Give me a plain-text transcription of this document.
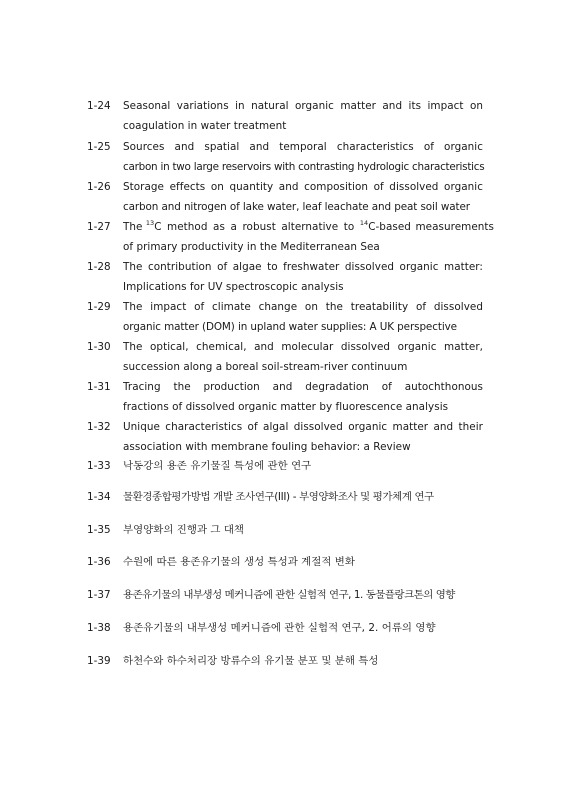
1-24	Seasonal variations in natural organic matter and its impact on
coagulation in water treatment
1-25	Sources and spatial and temporal characteristics of organic
carbon in two large reservoirs with contrasting hydrologic characteristics
1-26	Storage effects on quantity and composition of dissolved organic
carbon and nitrogen of lake water, leaf leachate and peat soil water
1-27	The $^{13}$C method as a robust alternative to $^{14}$C-based measurements
of primary productivity in the Mediterranean Sea
1-28	The contribution of algae to freshwater dissolved organic matter:
Implications for UV spectroscopic analysis
1-29	The impact of climate change on the treatability of dissolved
organic matter (DOM) in upland water supplies: A UK perspective
1-30	The optical, chemical, and molecular dissolved organic matter,
succession along a boreal soil-stream-river continuum
1-31	Tracing the production and degradation of autochthonous
fractions of dissolved organic matter by fluorescence analysis
1-32	Unique characteristics of algal dissolved organic matter and their
association with membrane fouling behavior: a Review
1-33	낙동강의 용존 유기물질 특성에 관한 연구
1-34	물환경종합평가방법 개발 조사연구(III) - 부영양화조사 및 평가체계 연구
1-35	부영양화의 진행과 그 대책
1-36	수원에 따른 용존유기물의 생성 특성과 계절적 변화
1-37	용존유기물의 내부생성 메커니즘에 관한 실험적 연구, 1. 동물플랑크톤의 영향
1-38	용존유기물의 내부생성 메커니즘에 관한 실험적 연구, 2. 어류의 영향
1-39	하천수와 하수처리장 방류수의 유기물 분포 및 분해 특성
